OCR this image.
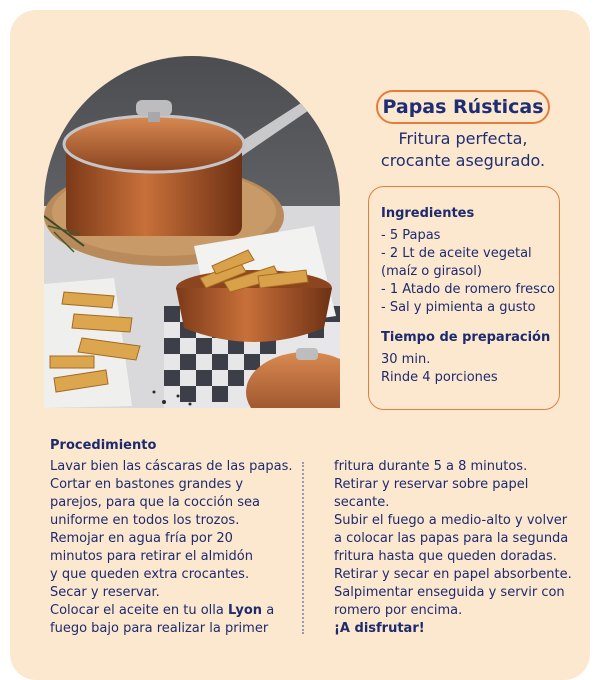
Papas Rústicas
Fritura perfecta,
crocante asegurado.
Ingredientes
- 5 Papas
- 2 Lt de aceite vegetal
(maíz o girasol)
- 1 Atado de romero fresco
- Sal y pimienta a gusto
Tiempo de preparación
30 min.
Rinde 4 porciones
Procedimiento
Lavar bien las cáscaras de las papas.
Cortar en bastones grandes y
parejos, para que la cocción sea
uniforme en todos los trozos.
Remojar en agua fría por 20
minutos para retirar el almidón
y que queden extra crocantes.
Secar y reservar.
Colocar el aceite en tu olla Lyon a
fuego bajo para realizar la primer
fritura durante 5 a 8 minutos.
Retirar y reservar sobre papel
secante.
Subir el fuego a medio-alto y volver
a colocar las papas para la segunda
fritura hasta que queden doradas.
Retirar y secar en papel absorbente.
Salpimentar enseguida y servir con
romero por encima.
¡A disfrutar!
